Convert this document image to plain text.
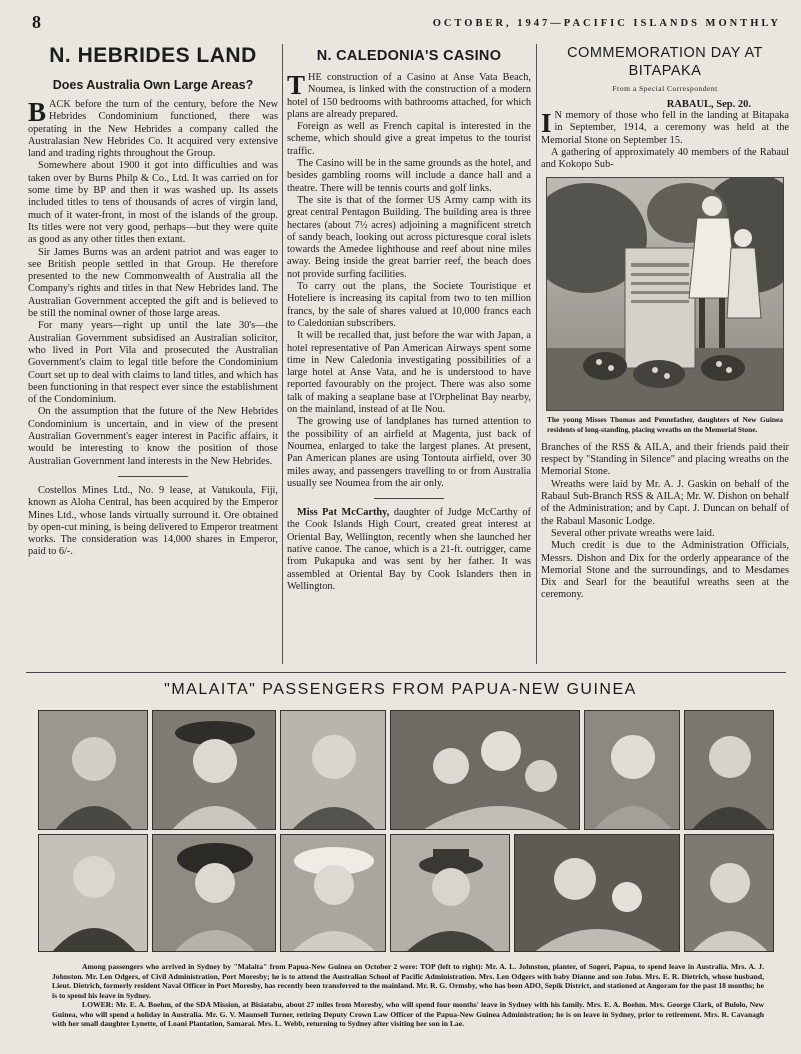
8	OCTOBER, 1947—PACIFIC ISLANDS MONTHLY
N. HEBRIDES LAND
Does Australia Own Large Areas?

BACK before the turn of the century, before the New Hebrides Condominium functioned, there was operating in the New Hebrides a company called the Australasian New Hebrides Co. It acquired very extensive land and trading rights throughout the Group.

Somewhere about 1900 it got into difficulties and was taken over by Burns Philp & Co., Ltd. It was carried on for some time by BP and then it was washed up. Its assets included titles to tens of thousands of acres of virgin land, much of it water-front, in most of the islands of the group. Its titles were not very good, perhaps—but they were quite as good as any other titles then extant.

Sir James Burns was an ardent patriot and was eager to see British people settled in that Group. He therefore presented to the new Commonwealth of Australia all the Company's rights and titles in that New Hebrides land. The Australian Government accepted the gift and is believed to be still the nominal owner of those large areas.

For many years—right up until the late 30's—the Australian Government subsidised an Australian solicitor, who lived in Port Vila and prosecuted the Australian Government's claim to legal title before the Condominium Court set up to deal with claims to land titles, and which has been functioning in that respect ever since the establishment of the Condominium.

On the assumption that the future of the New Hebrides Condominium is uncertain, and in view of the present Australian Government's eager interest in Pacific affairs, it would be interesting to know the position of those Australian Government land interests in the New Hebrides.

Costellos Mines Ltd., No. 9 lease, at Vatukoula, Fiji, known as Aloha Central, has been acquired by the Emperor Mines Ltd., whose lands virtually surround it. Ore obtained by open-cut mining, is being delivered to Emperor treatment works. The consideration was 14,000 shares in Emperor, paid to 6/-.

N. CALEDONIA'S CASINO

THE construction of a Casino at Anse Vata Beach, Noumea, is linked with the construction of a modern hotel of 150 bedrooms with bathrooms attached, for which plans are already prepared.

Foreign as well as French capital is interested in the scheme, which should give a great impetus to the tourist traffic.

The Casino will be in the same grounds as the hotel, and besides gambling rooms will include a dance hall and a theatre. There will be tennis courts and golf links.

The site is that of the former US Army camp with its great central Pentagon Building. The building area is three hectares (about 7½ acres) adjoining a magnificent stretch of sandy beach, looking out across picturesque coral islets towards the Amedee lighthouse and reef about nine miles away. Being inside the great barrier reef, the beach does not provide surfing facilities.

To carry out the plans, the Societe Touristique et Hoteliere is increasing its capital from two to ten million francs, by the sale of shares valued at 10,000 francs each to Caledonian subscribers.

It will be recalled that, just before the war with Japan, a hotel representative of Pan American Airways spent some time in New Caledonia investigating possibilities of a large hotel at Anse Vata, and he is understood to have reported favourably on the project. There was also some talk of making a seaplane base at l'Orphelinat Bay nearby, on the mainland, instead of at Ile Nou.

The growing use of landplanes has turned attention to the possibility of an airfield at Magenta, just back of Noumea, enlarged to take the largest planes. At present, Pan American planes are using Tontouta airfield, over 30 miles away, and passengers travelling to or from Australia usually see Noumea from the air only.

Miss Pat McCarthy, daughter of Judge McCarthy of the Cook Islands High Court, created great interest at Oriental Bay, Wellington, recently when she launched her native canoe. The canoe, which is a 21-ft. outrigger, came from Pukapuka and was sent by her father. It was assembled at Oriental Bay by Cook Islanders then in Wellington.

COMMEMORATION DAY AT BITAPAKA
From a Special Correspondent
RABAUL, Sep. 20.

I N memory of those who fell in the landing at Bitapaka in September, 1914, a ceremony was held at the Memorial Stone on September 15.

A gathering of approximately 40 members of the Rabaul and Kokopo Sub-

The young Misses Thomas and Pennefather, daughters of New Guinea residents of long-standing, placing wreaths on the Memorial Stone.

Branches of the RSS & AILA, and their friends paid their respect by "Standing in Silence" and placing wreaths on the Memorial Stone.

Wreaths were laid by Mr. A. J. Gaskin on behalf of the Rabaul Sub-Branch RSS & AILA; Mr. W. Dishon on behalf of the Administration; and by Capt. J. Duncan on behalf of the Rabaul Masonic Lodge.

Several other private wreaths were laid.

Much credit is due to the Administration Officials, Messrs. Dishon and Dix for the orderly appearance of the Memorial Stone and the surroundings, and to Mesdames Dix and Searl for the beautiful wreaths seen at the ceremony.

"MALAITA" PASSENGERS FROM PAPUA-NEW GUINEA
Among passengers who arrived in Sydney by "Malaita" from Papua-New Guinea on October 2 were: TOP (left to right): Mr. A. L. Johnston, planter, of Sogeri, Papua, to spend leave in Australia. Mrs. A. J. Johnston. Mr. Len Odgers, of Civil Administration, Port Moresby; he is to attend the Australian School of Pacific Administration. Mrs. Len Odgers with baby Dianne and son John. Mrs. E. R. Dietrich, whose husband, Lieut. Dietrich, formerly resident Naval Officer in Port Moresby, has recently been transferred to the mainland. Mr. R. G. Ormsby, who has been ADO, Sepik District, and stationed at Angoram for the past 18 months; he is to spend his leave in Sydney.
LOWER: Mr. E. A. Boehm, of the SDA Mission, at Bisiatabu, about 27 miles from Moresby, who will spend four months' leave in Sydney with his family. Mrs. E. A. Boehm. Mrs. George Clark, of Bulolo, New Guinea, who will spend a holiday in Australia. Mr. G. V. Maunsell Turner, retiring Deputy Crown Law Officer of the Papua-New Guinea Administration; he is on leave in Sydney, prior to retirement. Mrs. R. Cavanagh with her small daughter Lynette, of Loani Plantation, Samarai. Mrs. L. Webb, returning to Sydney after visiting her son in Lae.
